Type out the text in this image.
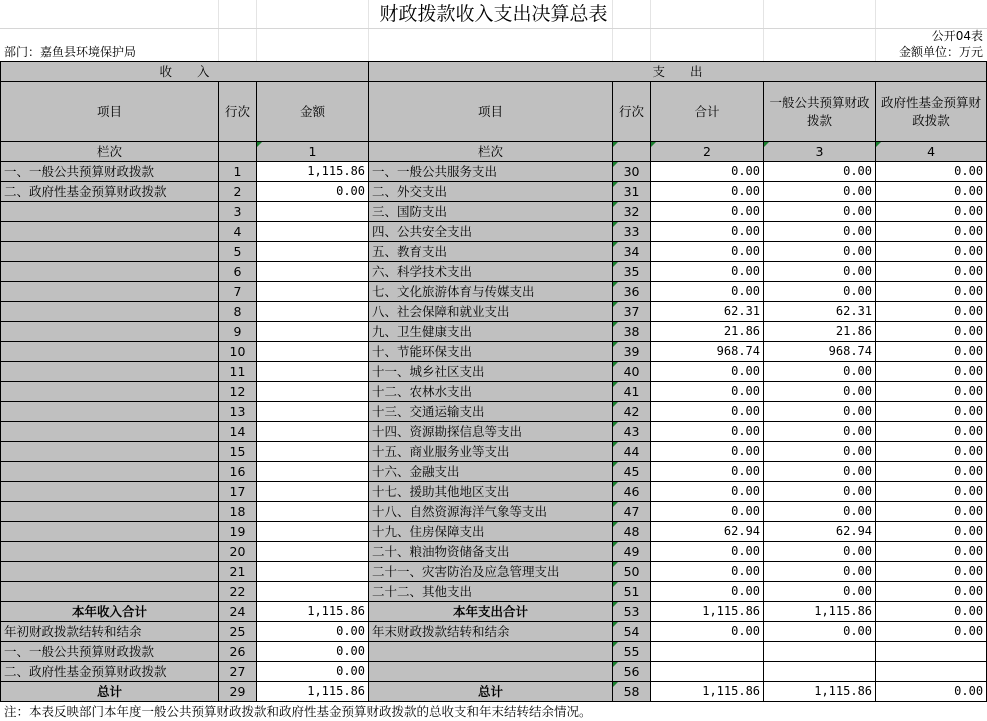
财政拨款收入支出决算总表
公开04表
部门：嘉鱼县环境保护局	金额单位：万元
收　　入			支　　出				
项目	行次	金额	项目	行次	合计	一般公共预算财政拨款	政府性基金预算财政拨款
栏次		1	栏次		2	3	4
一、一般公共预算财政拨款	1	1,115.86	一、一般公共服务支出	30	0.00	0.00	0.00
二、政府性基金预算财政拨款	2	0.00	二、外交支出	31	0.00	0.00	0.00
	3		三、国防支出	32	0.00	0.00	0.00
	4		四、公共安全支出	33	0.00	0.00	0.00
	5		五、教育支出	34	0.00	0.00	0.00
	6		六、科学技术支出	35	0.00	0.00	0.00
	7		七、文化旅游体育与传媒支出	36	0.00	0.00	0.00
	8		八、社会保障和就业支出	37	62.31	62.31	0.00
	9		九、卫生健康支出	38	21.86	21.86	0.00
	10		十、节能环保支出	39	968.74	968.74	0.00
	11		十一、城乡社区支出	40	0.00	0.00	0.00
	12		十二、农林水支出	41	0.00	0.00	0.00
	13		十三、交通运输支出	42	0.00	0.00	0.00
	14		十四、资源勘探信息等支出	43	0.00	0.00	0.00
	15		十五、商业服务业等支出	44	0.00	0.00	0.00
	16		十六、金融支出	45	0.00	0.00	0.00
	17		十七、援助其他地区支出	46	0.00	0.00	0.00
	18		十八、自然资源海洋气象等支出	47	0.00	0.00	0.00
	19		十九、住房保障支出	48	62.94	62.94	0.00
	20		二十、粮油物资储备支出	49	0.00	0.00	0.00
	21		二十一、灾害防治及应急管理支出	50	0.00	0.00	0.00
	22		二十二、其他支出	51	0.00	0.00	0.00
本年收入合计	24	1,115.86	本年支出合计	53	1,115.86	1,115.86	0.00
年初财政拨款结转和结余	25	0.00	年末财政拨款结转和结余	54	0.00	0.00	0.00
一、一般公共预算财政拨款	26	0.00		55			
二、政府性基金预算财政拨款	27	0.00		56			
总计	29	1,115.86	总计	58	1,115.86	1,115.86	0.00
注：本表反映部门本年度一般公共预算财政拨款和政府性基金预算财政拨款的总收支和年末结转结余情况。
